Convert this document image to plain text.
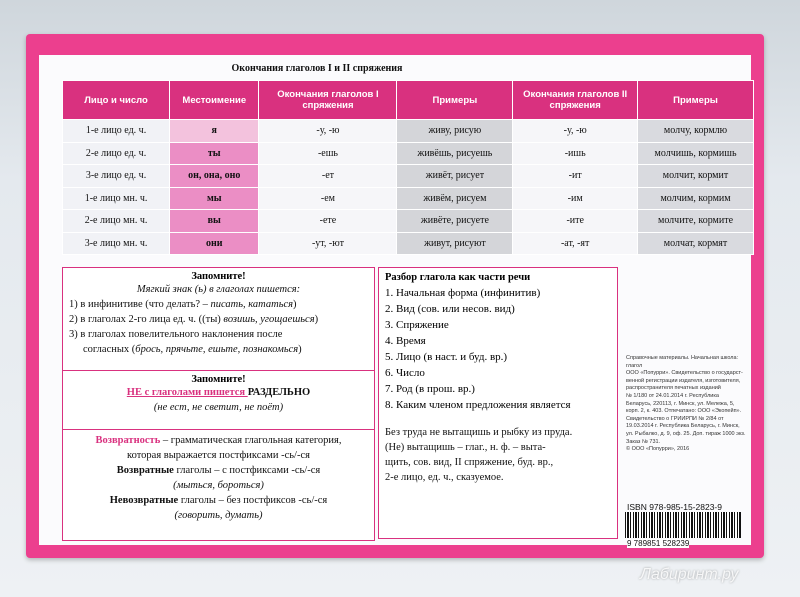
Окончания глаголов I и II спряжения
Лицо и число	Местоимение	Окончания глаголов I спряжения	Примеры	Окончания глаголов II спряжения	Примеры
1-е лицо ед. ч.	я	-у, -ю	живу, рисую	-у, -ю	молчу, кормлю
2-е лицо ед. ч.	ты	-ешь	живёшь, рисуешь	-ишь	молчишь, кормишь
3-е лицо ед. ч.	он, она, оно	-ет	живёт, рисует	-ит	молчит, кормит
1-е лицо мн. ч.	мы	-ем	живём, рисуем	-им	молчим, кормим
2-е лицо мн. ч.	вы	-ете	живёте, рисуете	-ите	молчите, кормите
3-е лицо мн. ч.	они	-ут, -ют	живут, рисуют	-ат, -ят	молчат, кормят
Запомните!
Мягкий знак (ь) в глаголах пишется:
1) в инфинитиве (что делать? – писать, кататься)
2) в глаголах 2-го лица ед. ч. ((ты) возишь, угощаешься)
3) в глаголах повелительного наклонения после
согласных (брось, прячьте, ешьте, познакомься)
Запомните!
НЕ с глаголами пишется РАЗДЕЛЬНО
(не ест, не светит, не поёт)
Возвратность – грамматическая глагольная категория,
которая выражается постфиксами -сь/-ся
Возвратные глаголы – с постфиксами -сь/-ся
(мыться, бороться)
Невозвратные глаголы – без постфиксов -сь/-ся
(говорить, думать)
Разбор глагола как части речи
1. Начальная форма (инфинитив)
2. Вид (сов. или несов. вид)
3. Спряжение
4. Время
5. Лицо (в наст. и буд. вр.)
6. Число
7. Род (в прош. вр.)
8. Каким членом предложения является
Без труда не вытащишь и рыбку из пруда.
(Не) вытащишь – глаг., н. ф. – выта-
щить, сов. вид, II спряжение, буд. вр.,
2-е лицо, ед. ч., сказуемое.
Справочные материалы. Начальная школа:
глагол
ООО «Попурри». Свидетельство о государст-
венной регистрации издателя, изготовителя,
распространителя печатных изданий
№ 1/180 от 24.01.2014 г. Республика
Беларусь, 220113, г. Минск, ул. Мележа, 5,
корп. 2, к. 403. Отпечатано: ООО «Экопейп».
Свидетельство о ГРИИРПИ № 2/84 от
19.03.2014 г. Республика Беларусь, г. Минск,
ул. Рыбалко, д. 9, оф. 25. Доп. тираж 1000 экз.
Заказ № 731.
© ООО «Попурри», 2016
ISBN 978-985-15-2823-9
9 789851 528239
Лабиринт.ру
